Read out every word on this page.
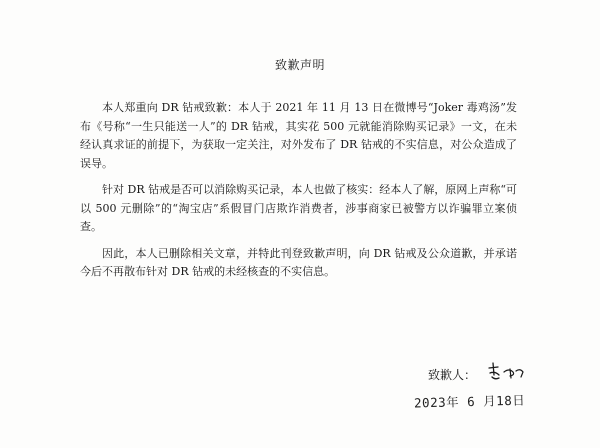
致歉声明

本人郑重向 DR 钻戒致歉：本人于 2021 年 11 月 13 日在微博号“Joker 毒鸡汤”发布《号称“一生只能送一人”的 DR 钻戒，其实花 500 元就能消除购买记录》一文，在未经认真求证的前提下，为获取一定关注，对外发布了 DR 钻戒的不实信息，对公众造成了误导。

针对 DR 钻戒是否可以消除购买记录，本人也做了核实：经本人了解，原网上声称“可以 500 元删除”的“淘宝店”系假冒门店欺诈消费者，涉事商家已被警方以诈骗罪立案侦查。

因此，本人已删除相关文章，并特此刊登致歉声明，向 DR 钻戒及公众道歉，并承诺今后不再散布针对 DR 钻戒的未经核查的不实信息。

致歉人：
2023年 6 月18日
